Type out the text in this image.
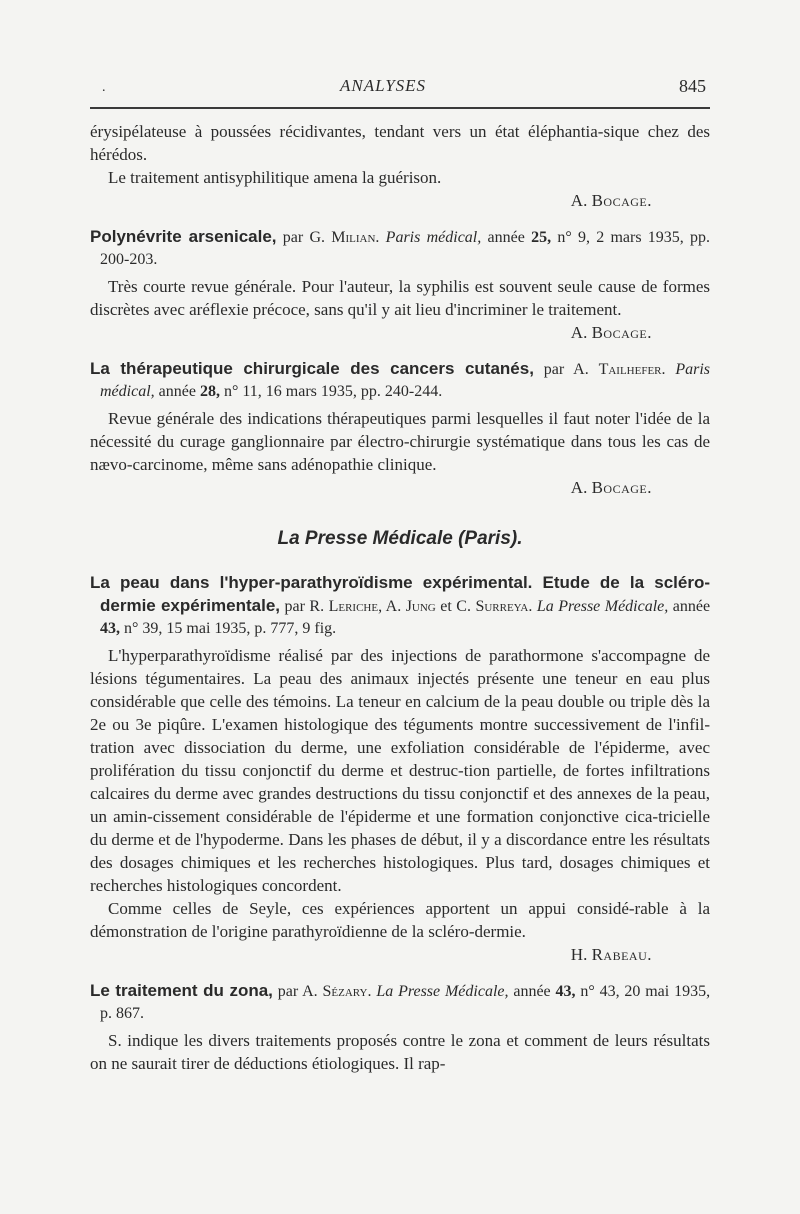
.	ANALYSES	845

érysipélateuse à poussées récidivantes, tendant vers un état éléphantia-sique chez des hérédos.

Le traitement antisyphilitique amena la guérison.

A. Bocage.

Polynévrite arsenicale, par G. Milian. Paris médical, année 25, n° 9, 2 mars 1935, pp. 200-203.

Très courte revue générale. Pour l'auteur, la syphilis est souvent seule cause de formes discrètes avec aréflexie précoce, sans qu'il y ait lieu d'incriminer le traitement.

A. Bocage.

La thérapeutique chirurgicale des cancers cutanés, par A. Tailhefer. Paris médical, année 28, n° 11, 16 mars 1935, pp. 240-244.

Revue générale des indications thérapeutiques parmi lesquelles il faut noter l'idée de la nécessité du curage ganglionnaire par électro-chirurgie systématique dans tous les cas de nævo-carcinome, même sans adénopathie clinique.

A. Bocage.

La Presse Médicale (Paris).

La peau dans l'hyper-parathyroïdisme expérimental. Etude de la scléro-dermie expérimentale, par R. Leriche, A. Jung et C. Surreya. La Presse Médicale, année 43, n° 39, 15 mai 1935, p. 777, 9 fig.

L'hyperparathyroïdisme réalisé par des injections de parathormone s'accompagne de lésions tégumentaires. La peau des animaux injectés présente une teneur en eau plus considérable que celle des témoins. La teneur en calcium de la peau double ou triple dès la 2e ou 3e piqûre. L'examen histologique des téguments montre successivement de l'infil-tration avec dissociation du derme, une exfoliation considérable de l'épiderme, avec prolifération du tissu conjonctif du derme et destruc-tion partielle, de fortes infiltrations calcaires du derme avec grandes destructions du tissu conjonctif et des annexes de la peau, un amin-cissement considérable de l'épiderme et une formation conjonctive cica-tricielle du derme et de l'hypoderme. Dans les phases de début, il y a discordance entre les résultats des dosages chimiques et les recherches histologiques. Plus tard, dosages chimiques et recherches histologiques concordent.

Comme celles de Seyle, ces expériences apportent un appui considé-rable à la démonstration de l'origine parathyroïdienne de la scléro-dermie.

H. Rabeau.

Le traitement du zona, par A. Sézary. La Presse Médicale, année 43, n° 43, 20 mai 1935, p. 867.

S. indique les divers traitements proposés contre le zona et comment de leurs résultats on ne saurait tirer de déductions étiologiques. Il rap-
